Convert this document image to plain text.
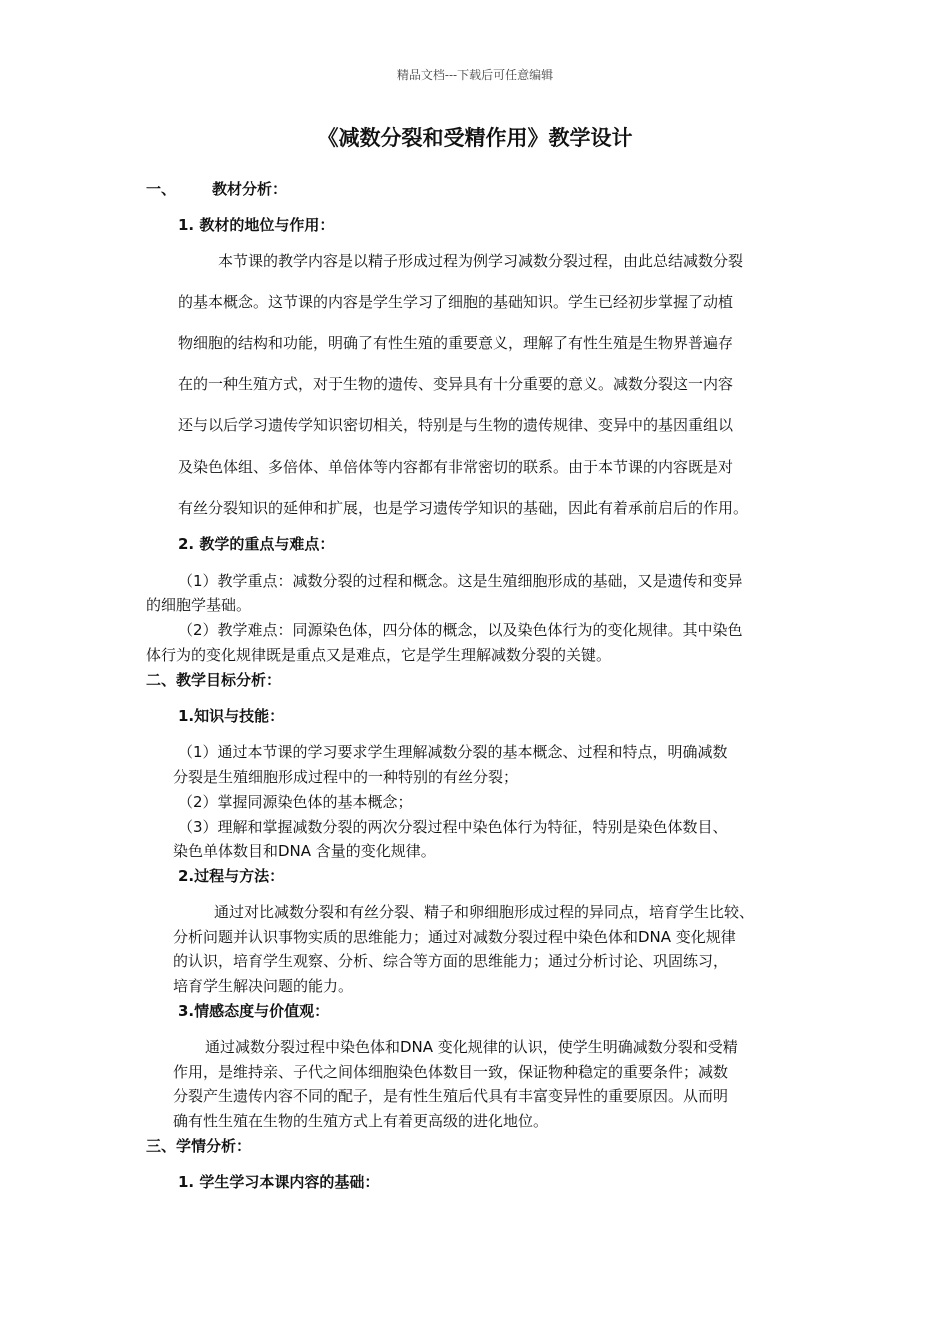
精品文档---下载后可任意编辑
《减数分裂和受精作用》教学设计
一、 教材分析：
1. 教材的地位与作用：
本节课的教学内容是以精子形成过程为例学习减数分裂过程，由此总结减数分裂
的基本概念。这节课的内容是学生学习了细胞的基础知识。学生已经初步掌握了动植
物细胞的结构和功能，明确了有性生殖的重要意义，理解了有性生殖是生物界普遍存
在的一种生殖方式，对于生物的遗传、变异具有十分重要的意义。减数分裂这一内容
还与以后学习遗传学知识密切相关，特别是与生物的遗传规律、变异中的基因重组以
及染色体组、多倍体、单倍体等内容都有非常密切的联系。由于本节课的内容既是对
有丝分裂知识的延伸和扩展，也是学习遗传学知识的基础，因此有着承前启后的作用。
2. 教学的重点与难点：
（1）教学重点：减数分裂的过程和概念。这是生殖细胞形成的基础，又是遗传和变异
的细胞学基础。
（2）教学难点：同源染色体，四分体的概念，以及染色体行为的变化规律。其中染色
体行为的变化规律既是重点又是难点，它是学生理解减数分裂的关键。
二、教学目标分析：
1.知识与技能：
（1）通过本节课的学习要求学生理解减数分裂的基本概念、过程和特点，明确减数
分裂是生殖细胞形成过程中的一种特别的有丝分裂；
（2）掌握同源染色体的基本概念；
（3）理解和掌握减数分裂的两次分裂过程中染色体行为特征，特别是染色体数目、
染色单体数目和DNA 含量的变化规律。
2.过程与方法：
通过对比减数分裂和有丝分裂、精子和卵细胞形成过程的异同点，培育学生比较、
分析问题并认识事物实质的思维能力；通过对减数分裂过程中染色体和DNA 变化规律
的认识，培育学生观察、分析、综合等方面的思维能力；通过分析讨论、巩固练习，
培育学生解决问题的能力。
3.情感态度与价值观：
通过减数分裂过程中染色体和DNA 变化规律的认识，使学生明确减数分裂和受精
作用，是维持亲、子代之间体细胞染色体数目一致，保证物种稳定的重要条件；减数
分裂产生遗传内容不同的配子，是有性生殖后代具有丰富变异性的重要原因。从而明
确有性生殖在生物的生殖方式上有着更高级的进化地位。
三、学情分析：
1. 学生学习本课内容的基础：
